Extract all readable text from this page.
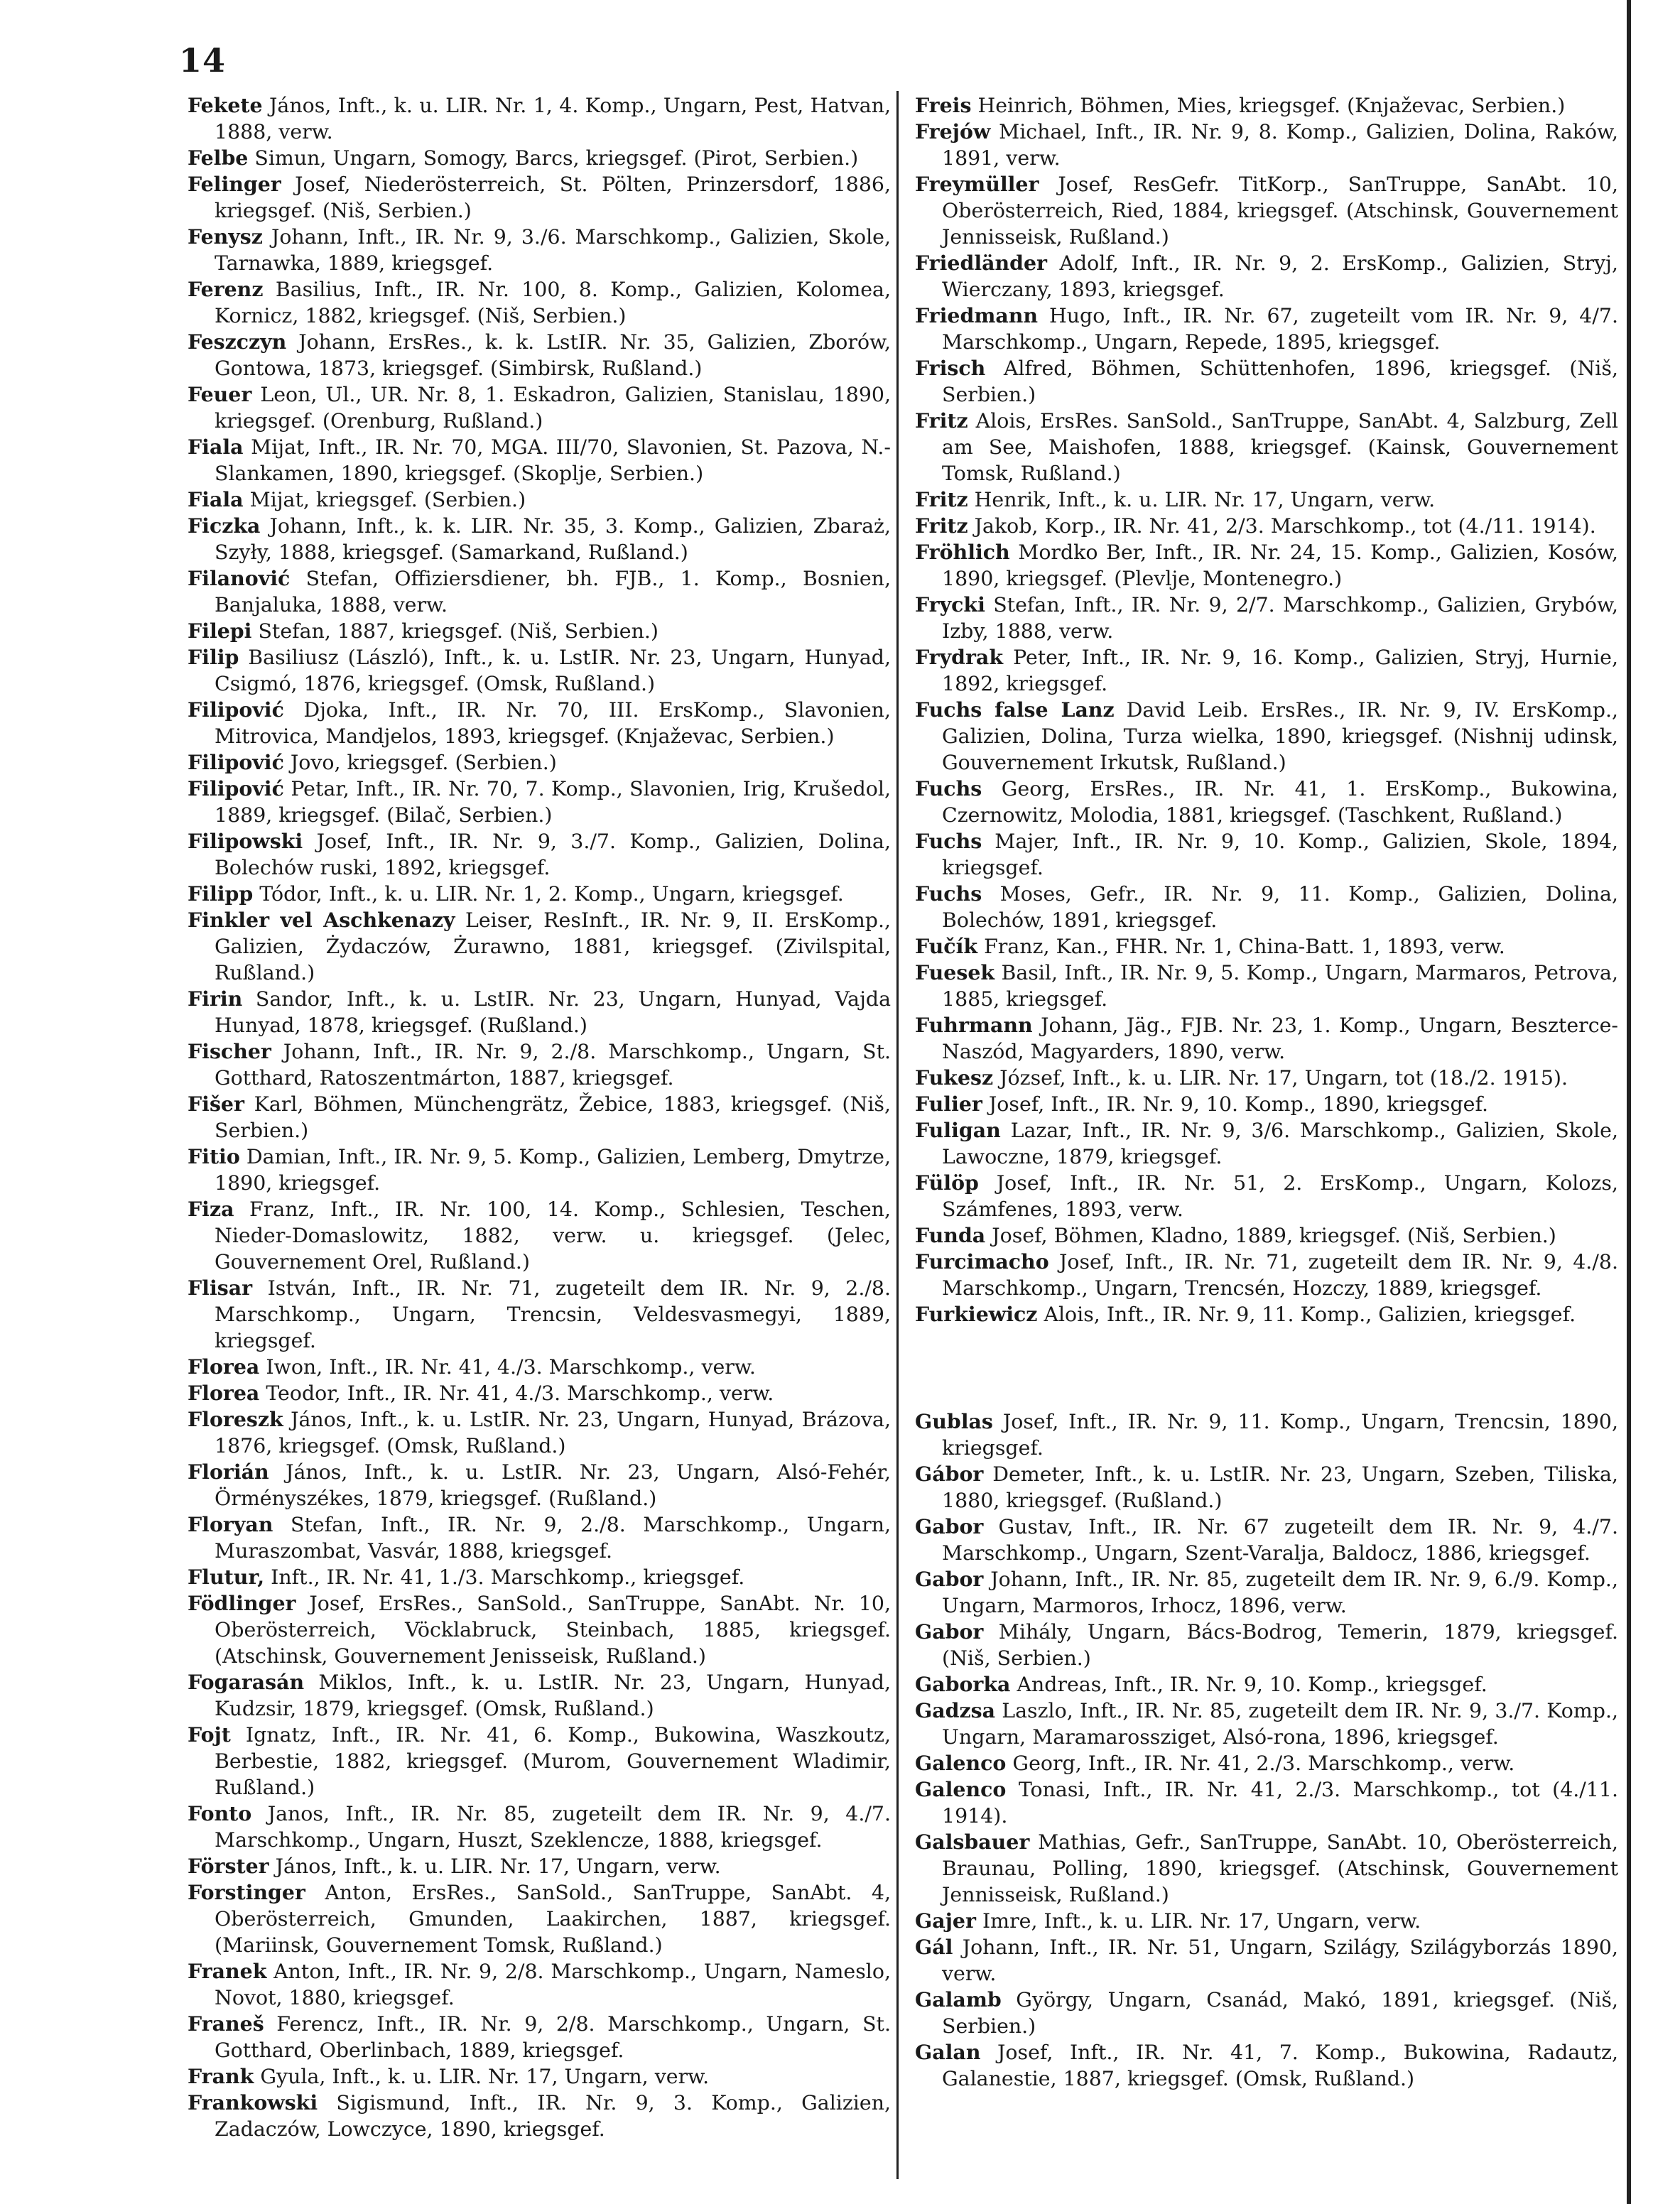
14
Fekete János, Inft., k. u. LIR. Nr. 1, 4. Komp., Ungarn, Pest, Hatvan, 1888, verw.
Felbe Simun, Ungarn, Somogy, Barcs, kriegsgef. (Pirot, Serbien.)
Felinger Josef, Niederösterreich, St. Pölten, Prinzersdorf, 1886, kriegsgef. (Niš, Serbien.)
Fenysz Johann, Inft., IR. Nr. 9, 3./6. Marschkomp., Galizien, Skole, Tarnawka, 1889, kriegsgef.
Ferenz Basilius, Inft., IR. Nr. 100, 8. Komp., Galizien, Kolomea, Kornicz, 1882, kriegsgef. (Niš, Serbien.)
Feszczyn Johann, ErsRes., k. k. LstIR. Nr. 35, Galizien, Zborów, Gontowa, 1873, kriegsgef. (Simbirsk, Rußland.)
Feuer Leon, Ul., UR. Nr. 8, 1. Eskadron, Galizien, Stanislau, 1890, kriegsgef. (Orenburg, Rußland.)
Fiala Mijat, Inft., IR. Nr. 70, MGA. III/70, Slavonien, St. Pazova, N.-Slankamen, 1890, kriegsgef. (Skoplje, Serbien.)
Fiala Mijat, kriegsgef. (Serbien.)
Ficzka Johann, Inft., k. k. LIR. Nr. 35, 3. Komp., Galizien, Zbaraż, Szyły, 1888, kriegsgef. (Samarkand, Rußland.)
Filanović Stefan, Offiziersdiener, bh. FJB., 1. Komp., Bosnien, Banjaluka, 1888, verw.
Filepi Stefan, 1887, kriegsgef. (Niš, Serbien.)
Filip Basiliusz (László), Inft., k. u. LstIR. Nr. 23, Ungarn, Hunyad, Csigmó, 1876, kriegsgef. (Omsk, Rußland.)
Filipović Djoka, Inft., IR. Nr. 70, III. ErsKomp., Slavonien, Mitrovica, Mandjelos, 1893, kriegsgef. (Knjaževac, Serbien.)
Filipović Jovo, kriegsgef. (Serbien.)
Filipović Petar, Inft., IR. Nr. 70, 7. Komp., Slavonien, Irig, Krušedol, 1889, kriegsgef. (Bilač, Serbien.)
Filipowski Josef, Inft., IR. Nr. 9, 3./7. Komp., Galizien, Dolina, Bolechów ruski, 1892, kriegsgef.
Filipp Tódor, Inft., k. u. LIR. Nr. 1, 2. Komp., Ungarn, kriegsgef.
Finkler vel Aschkenazy Leiser, ResInft., IR. Nr. 9, II. ErsKomp., Galizien, Żydaczów, Żurawno, 1881, kriegsgef. (Zivilspital, Rußland.)
Firin Sandor, Inft., k. u. LstIR. Nr. 23, Ungarn, Hunyad, Vajda Hunyad, 1878, kriegsgef. (Rußland.)
Fischer Johann, Inft., IR. Nr. 9, 2./8. Marschkomp., Ungarn, St. Gotthard, Ratoszentmárton, 1887, kriegsgef.
Fišer Karl, Böhmen, Münchengrätz, Žebice, 1883, kriegsgef. (Niš, Serbien.)
Fitio Damian, Inft., IR. Nr. 9, 5. Komp., Galizien, Lemberg, Dmytrze, 1890, kriegsgef.
Fiza Franz, Inft., IR. Nr. 100, 14. Komp., Schlesien, Teschen, Nieder-Domaslowitz, 1882, verw. u. kriegsgef. (Jelec, Gouvernement Orel, Rußland.)
Flisar István, Inft., IR. Nr. 71, zugeteilt dem IR. Nr. 9, 2./8. Marschkomp., Ungarn, Trencsin, Veldesvasmegyi, 1889, kriegsgef.
Florea Iwon, Inft., IR. Nr. 41, 4./3. Marschkomp., verw.
Florea Teodor, Inft., IR. Nr. 41, 4./3. Marschkomp., verw.
Floreszk János, Inft., k. u. LstIR. Nr. 23, Ungarn, Hunyad, Brázova, 1876, kriegsgef. (Omsk, Rußland.)
Florián János, Inft., k. u. LstIR. Nr. 23, Ungarn, Alsó-Fehér, Örményszékes, 1879, kriegsgef. (Rußland.)
Floryan Stefan, Inft., IR. Nr. 9, 2./8. Marschkomp., Ungarn, Muraszombat, Vasvár, 1888, kriegsgef.
Flutur, Inft., IR. Nr. 41, 1./3. Marschkomp., kriegsgef.
Födlinger Josef, ErsRes., SanSold., SanTruppe, SanAbt. Nr. 10, Oberösterreich, Vöcklabruck, Steinbach, 1885, kriegsgef. (Atschinsk, Gouvernement Jenisseisk, Rußland.)
Fogarasán Miklos, Inft., k. u. LstIR. Nr. 23, Ungarn, Hunyad, Kudzsir, 1879, kriegsgef. (Omsk, Rußland.)
Fojt Ignatz, Inft., IR. Nr. 41, 6. Komp., Bukowina, Waszkoutz, Berbestie, 1882, kriegsgef. (Murom, Gouvernement Wladimir, Rußland.)
Fonto Janos, Inft., IR. Nr. 85, zugeteilt dem IR. Nr. 9, 4./7. Marschkomp., Ungarn, Huszt, Szeklencze, 1888, kriegsgef.
Förster János, Inft., k. u. LIR. Nr. 17, Ungarn, verw.
Forstinger Anton, ErsRes., SanSold., SanTruppe, SanAbt. 4, Oberösterreich, Gmunden, Laakirchen, 1887, kriegsgef. (Mariinsk, Gouvernement Tomsk, Rußland.)
Franek Anton, Inft., IR. Nr. 9, 2/8. Marschkomp., Ungarn, Nameslo, Novot, 1880, kriegsgef.
Franeš Ferencz, Inft., IR. Nr. 9, 2/8. Marschkomp., Ungarn, St. Gotthard, Oberlinbach, 1889, kriegsgef.
Frank Gyula, Inft., k. u. LIR. Nr. 17, Ungarn, verw.
Frankowski Sigismund, Inft., IR. Nr. 9, 3. Komp., Galizien, Zadaczów, Lowczyce, 1890, kriegsgef.
Freis Heinrich, Böhmen, Mies, kriegsgef. (Knjaževac, Serbien.)
Frejów Michael, Inft., IR. Nr. 9, 8. Komp., Galizien, Dolina, Raków, 1891, verw.
Freymüller Josef, ResGefr. TitKorp., SanTruppe, SanAbt. 10, Oberösterreich, Ried, 1884, kriegsgef. (Atschinsk, Gouvernement Jennisseisk, Rußland.)
Friedländer Adolf, Inft., IR. Nr. 9, 2. ErsKomp., Galizien, Stryj, Wierczany, 1893, kriegsgef.
Friedmann Hugo, Inft., IR. Nr. 67, zugeteilt vom IR. Nr. 9, 4/7. Marschkomp., Ungarn, Repede, 1895, kriegsgef.
Frisch Alfred, Böhmen, Schüttenhofen, 1896, kriegsgef. (Niš, Serbien.)
Fritz Alois, ErsRes. SanSold., SanTruppe, SanAbt. 4, Salzburg, Zell am See, Maishofen, 1888, kriegsgef. (Kainsk, Gouvernement Tomsk, Rußland.)
Fritz Henrik, Inft., k. u. LIR. Nr. 17, Ungarn, verw.
Fritz Jakob, Korp., IR. Nr. 41, 2/3. Marschkomp., tot (4./11. 1914).
Fröhlich Mordko Ber, Inft., IR. Nr. 24, 15. Komp., Galizien, Kosów, 1890, kriegsgef. (Plevlje, Montenegro.)
Frycki Stefan, Inft., IR. Nr. 9, 2/7. Marschkomp., Galizien, Grybów, Izby, 1888, verw.
Frydrak Peter, Inft., IR. Nr. 9, 16. Komp., Galizien, Stryj, Hurnie, 1892, kriegsgef.
Fuchs false Lanz David Leib. ErsRes., IR. Nr. 9, IV. ErsKomp., Galizien, Dolina, Turza wielka, 1890, kriegsgef. (Nishnij udinsk, Gouvernement Irkutsk, Rußland.)
Fuchs Georg, ErsRes., IR. Nr. 41, 1. ErsKomp., Bukowina, Czernowitz, Molodia, 1881, kriegsgef. (Taschkent, Rußland.)
Fuchs Majer, Inft., IR. Nr. 9, 10. Komp., Galizien, Skole, 1894, kriegsgef.
Fuchs Moses, Gefr., IR. Nr. 9, 11. Komp., Galizien, Dolina, Bolechów, 1891, kriegsgef.
Fučík Franz, Kan., FHR. Nr. 1, China-Batt. 1, 1893, verw.
Fuesek Basil, Inft., IR. Nr. 9, 5. Komp., Ungarn, Marmaros, Petrova, 1885, kriegsgef.
Fuhrmann Johann, Jäg., FJB. Nr. 23, 1. Komp., Ungarn, Beszterce-Naszód, Magyarders, 1890, verw.
Fukesz József, Inft., k. u. LIR. Nr. 17, Ungarn, tot (18./2. 1915).
Fulier Josef, Inft., IR. Nr. 9, 10. Komp., 1890, kriegsgef.
Fuligan Lazar, Inft., IR. Nr. 9, 3/6. Marschkomp., Galizien, Skole, Lawoczne, 1879, kriegsgef.
Fülöp Josef, Inft., IR. Nr. 51, 2. ErsKomp., Ungarn, Kolozs, Számfenes, 1893, verw.
Funda Josef, Böhmen, Kladno, 1889, kriegsgef. (Niš, Serbien.)
Furcimacho Josef, Inft., IR. Nr. 71, zugeteilt dem IR. Nr. 9, 4./8. Marschkomp., Ungarn, Trencsén, Hozczy, 1889, kriegsgef.
Furkiewicz Alois, Inft., IR. Nr. 9, 11. Komp., Galizien, kriegsgef.
Gublas Josef, Inft., IR. Nr. 9, 11. Komp., Ungarn, Trencsin, 1890, kriegsgef.
Gábor Demeter, Inft., k. u. LstIR. Nr. 23, Ungarn, Szeben, Tiliska, 1880, kriegsgef. (Rußland.)
Gabor Gustav, Inft., IR. Nr. 67 zugeteilt dem IR. Nr. 9, 4./7. Marschkomp., Ungarn, Szent-Varalja, Baldocz, 1886, kriegsgef.
Gabor Johann, Inft., IR. Nr. 85, zugeteilt dem IR. Nr. 9, 6./9. Komp., Ungarn, Marmoros, Irhocz, 1896, verw.
Gabor Mihály, Ungarn, Bács-Bodrog, Temerin, 1879, kriegsgef. (Niš, Serbien.)
Gaborka Andreas, Inft., IR. Nr. 9, 10. Komp., kriegsgef.
Gadzsa Laszlo, Inft., IR. Nr. 85, zugeteilt dem IR. Nr. 9, 3./7. Komp., Ungarn, Maramarossziget, Alsó-rona, 1896, kriegsgef.
Galenco Georg, Inft., IR. Nr. 41, 2./3. Marschkomp., verw.
Galenco Tonasi, Inft., IR. Nr. 41, 2./3. Marschkomp., tot (4./11. 1914).
Galsbauer Mathias, Gefr., SanTruppe, SanAbt. 10, Oberösterreich, Braunau, Polling, 1890, kriegsgef. (Atschinsk, Gouvernement Jennisseisk, Rußland.)
Gajer Imre, Inft., k. u. LIR. Nr. 17, Ungarn, verw.
Gál Johann, Inft., IR. Nr. 51, Ungarn, Szilágy, Szilágyborzás 1890, verw.
Galamb György, Ungarn, Csanád, Makó, 1891, kriegsgef. (Niš, Serbien.)
Galan Josef, Inft., IR. Nr. 41, 7. Komp., Bukowina, Radautz, Galanestie, 1887, kriegsgef. (Omsk, Rußland.)
